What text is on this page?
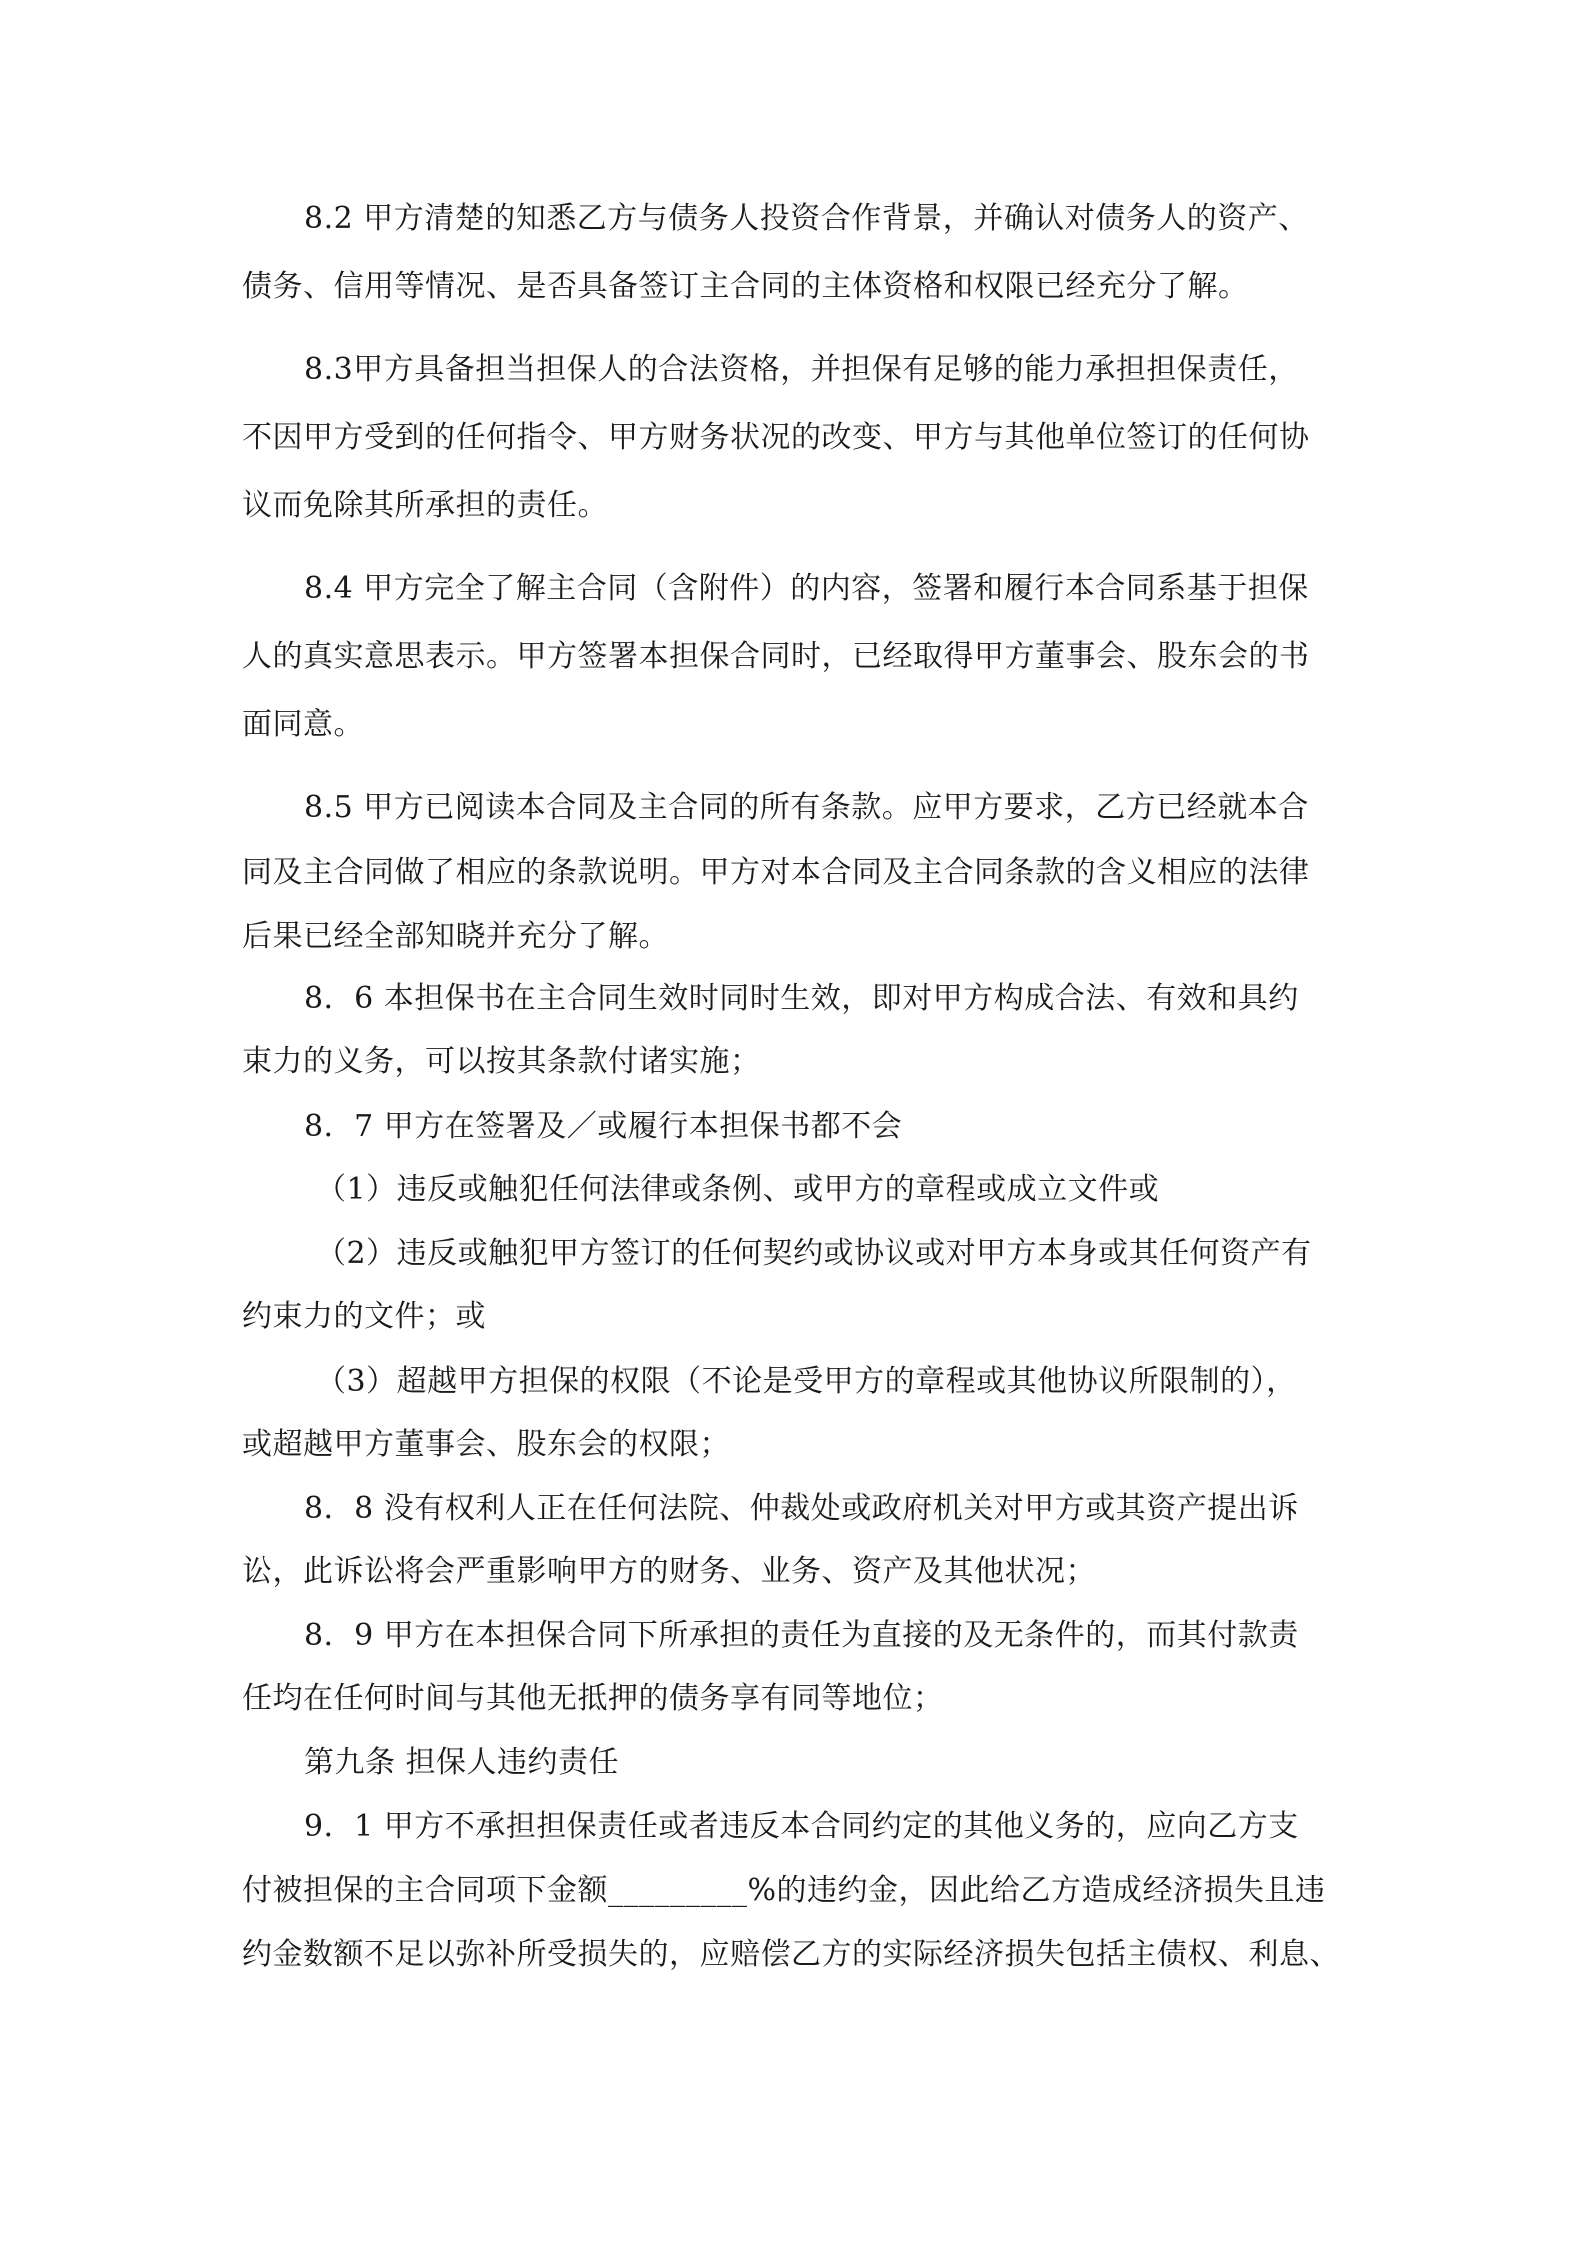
8.2 甲方清楚的知悉乙方与债务人投资合作背景，并确认对债务人的资产、
债务、信用等情况、是否具备签订主合同的主体资格和权限已经充分了解。
8.3甲方具备担当担保人的合法资格，并担保有足够的能力承担担保责任，
不因甲方受到的任何指令、甲方财务状况的改变、甲方与其他单位签订的任何协
议而免除其所承担的责任。
8.4 甲方完全了解主合同（含附件）的内容，签署和履行本合同系基于担保
人的真实意思表示。甲方签署本担保合同时，已经取得甲方董事会、股东会的书
面同意。
8.5 甲方已阅读本合同及主合同的所有条款。应甲方要求，乙方已经就本合
同及主合同做了相应的条款说明。甲方对本合同及主合同条款的含义相应的法律
后果已经全部知晓并充分了解。
8．6 本担保书在主合同生效时同时生效，即对甲方构成合法、有效和具约
束力的义务，可以按其条款付诸实施；
8．7 甲方在签署及／或履行本担保书都不会
（1）违反或触犯任何法律或条例、或甲方的章程或成立文件或
（2）违反或触犯甲方签订的任何契约或协议或对甲方本身或其任何资产有
约束力的文件；或
（3）超越甲方担保的权限（不论是受甲方的章程或其他协议所限制的），
或超越甲方董事会、股东会的权限；
8．8 没有权利人正在任何法院、仲裁处或政府机关对甲方或其资产提出诉
讼，此诉讼将会严重影响甲方的财务、业务、资产及其他状况；
8．9 甲方在本担保合同下所承担的责任为直接的及无条件的，而其付款责
任均在任何时间与其他无抵押的债务享有同等地位；
第九条 担保人违约责任
9．1 甲方不承担担保责任或者违反本合同约定的其他义务的，应向乙方支
付被担保的主合同项下金额_________%的违约金，因此给乙方造成经济损失且违
约金数额不足以弥补所受损失的，应赔偿乙方的实际经济损失包括主债权、利息、
